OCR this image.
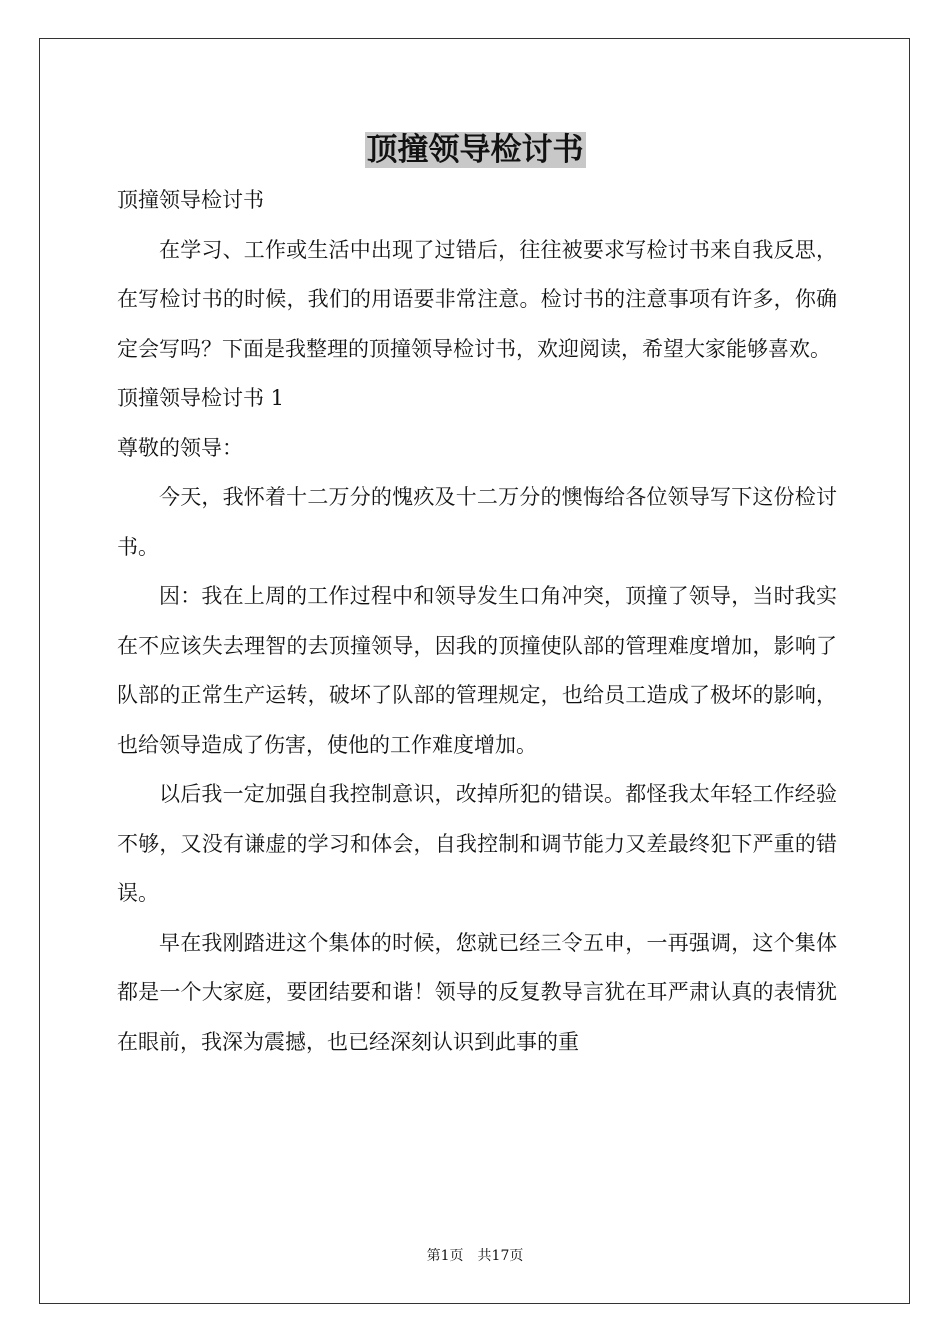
顶撞领导检讨书

顶撞领导检讨书

在学习、工作或生活中出现了过错后，往往被要求写检讨书来自我反思，在写检讨书的时候，我们的用语要非常注意。检讨书的注意事项有许多，你确定会写吗？下面是我整理的顶撞领导检讨书，欢迎阅读，希望大家能够喜欢。

顶撞领导检讨书 1

尊敬的领导：

今天，我怀着十二万分的愧疚及十二万分的懊悔给各位领导写下这份检讨书。

因：我在上周的工作过程中和领导发生口角冲突，顶撞了领导，当时我实在不应该失去理智的去顶撞领导，因我的顶撞使队部的管理难度增加，影响了队部的正常生产运转，破坏了队部的管理规定，也给员工造成了极坏的影响，也给领导造成了伤害，使他的工作难度增加。

以后我一定加强自我控制意识，改掉所犯的错误。都怪我太年轻工作经验不够，又没有谦虚的学习和体会，自我控制和调节能力又差最终犯下严重的错误。

早在我刚踏进这个集体的时候，您就已经三令五申，一再强调，这个集体都是一个大家庭，要团结要和谐！领导的反复教导言犹在耳严肃认真的表情犹在眼前，我深为震撼，也已经深刻认识到此事的重

第1页 共17页
